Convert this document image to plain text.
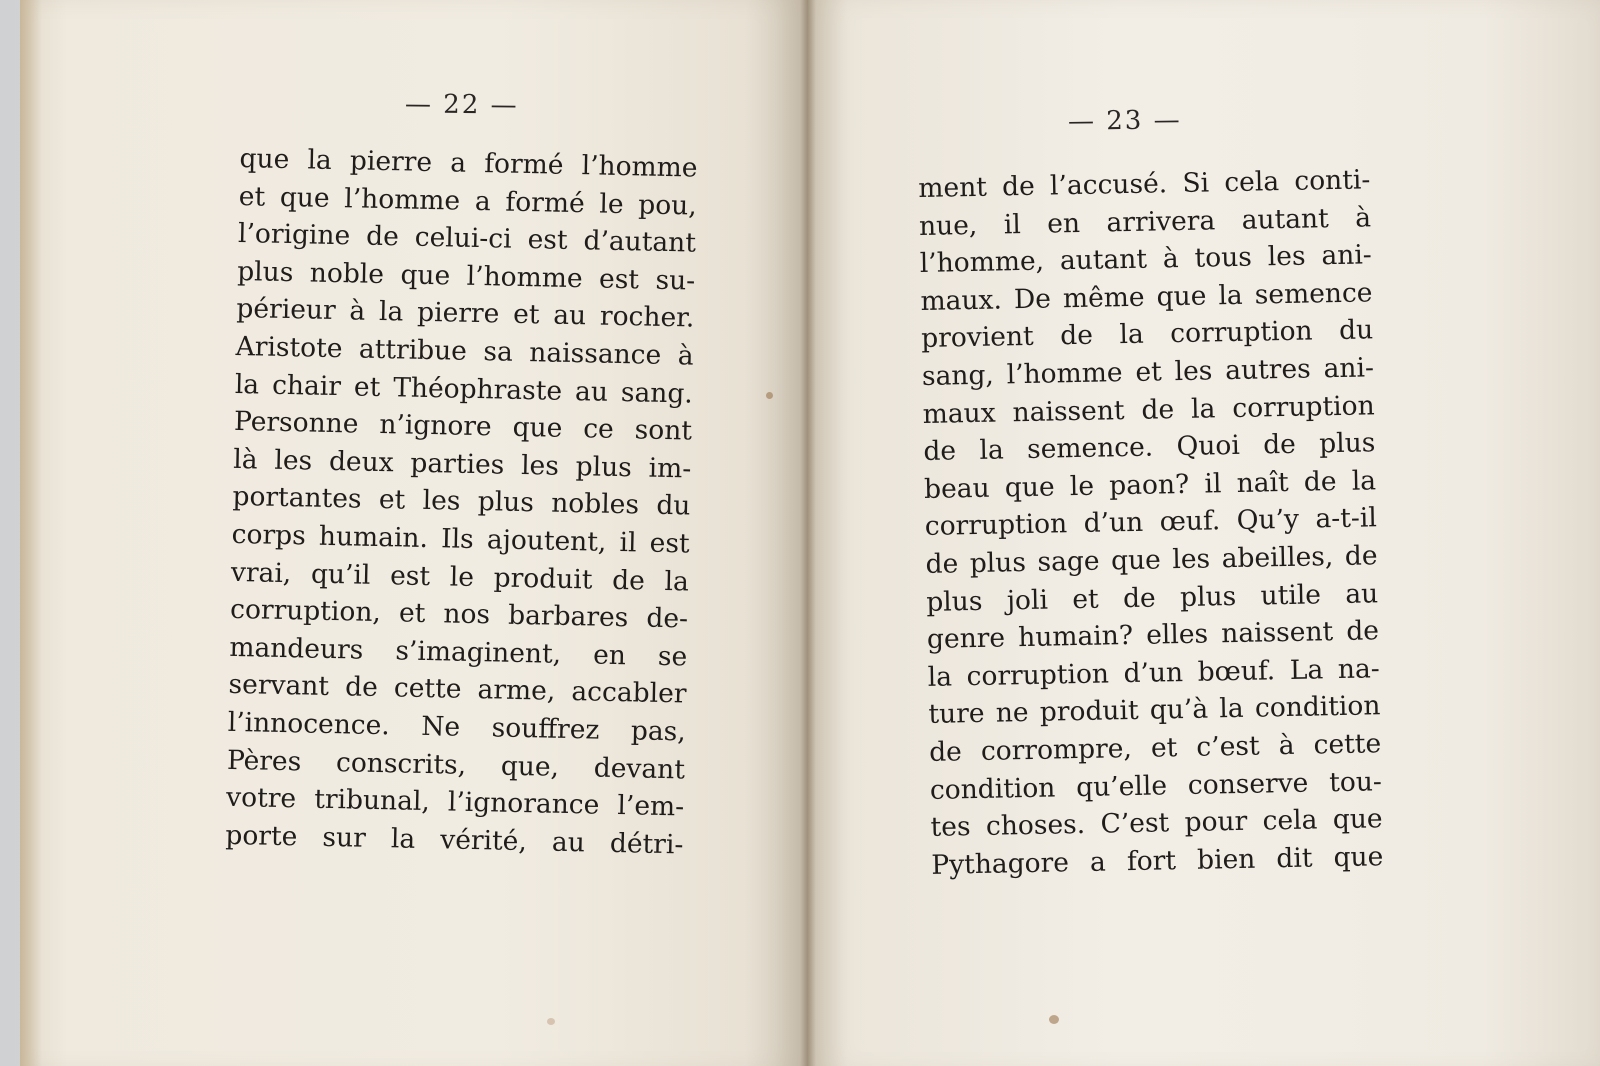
— 22 —
— 23 —
que la pierre a formé l’homme
et que l’homme a formé le pou,
l’origine de celui-ci est d’autant
plus noble que l’homme est su-
périeur à la pierre et au rocher.
Aristote attribue sa naissance à
la chair et Théophraste au sang.
Personne n’ignore que ce sont
là les deux parties les plus im-
portantes et les plus nobles du
corps humain. Ils ajoutent, il est
vrai, qu’il est le produit de la
corruption, et nos barbares de-
mandeurs s’imaginent, en se
servant de cette arme, accabler
l’innocence. Ne souffrez pas,
Pères conscrits, que, devant
votre tribunal, l’ignorance l’em-
porte sur la vérité, au détri-
ment de l’accusé. Si cela conti-
nue, il en arrivera autant à
l’homme, autant à tous les ani-
maux. De même que la semence
provient de la corruption du
sang, l’homme et les autres ani-
maux naissent de la corruption
de la semence. Quoi de plus
beau que le paon? il naît de la
corruption d’un œuf. Qu’y a-t-il
de plus sage que les abeilles, de
plus joli et de plus utile au
genre humain? elles naissent de
la corruption d’un bœuf. La na-
ture ne produit qu’à la condition
de corrompre, et c’est à cette
condition qu’elle conserve tou-
tes choses. C’est pour cela que
Pythagore a fort bien dit que
